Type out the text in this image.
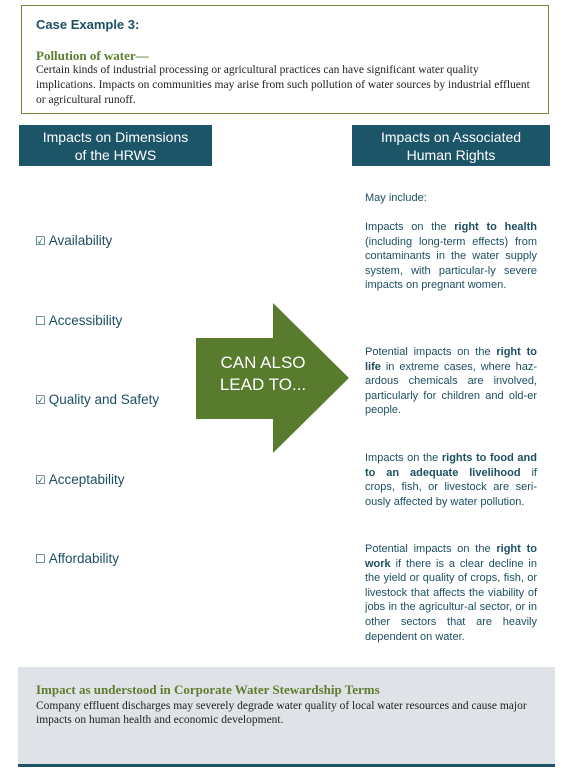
Case Example 3:
Pollution of water—
Certain kinds of industrial processing or agricultural practices can have significant water quality implications. Impacts on communities may arise from such pollution of water sources by industrial effluent or agricultural runoff.
Impacts on Dimensions
of the HRWS
Impacts on Associated
Human Rights
☑ Availability
☐ Accessibility
☑ Quality and Safety
☑ Acceptability
☐ Affordability
CAN ALSO
LEAD TO...
May include:
Impacts on the right to health (including long-term effects) from contaminants in the water supply system, with particular-ly severe impacts on pregnant women.
Potential impacts on the right to life in extreme cases, where haz-ardous chemicals are involved, particularly for children and old-er people.
Impacts on the rights to food and to an adequate livelihood if crops, fish, or livestock are seri-ously affected by water pollution.
Potential impacts on the right to work if there is a clear decline in the yield or quality of crops, fish, or livestock that affects the viability of jobs in the agricultur-al sector, or in other sectors that are heavily dependent on water.
Impact as understood in Corporate Water Stewardship Terms
Company effluent discharges may severely degrade water quality of local water resources and cause major impacts on human health and economic development.
